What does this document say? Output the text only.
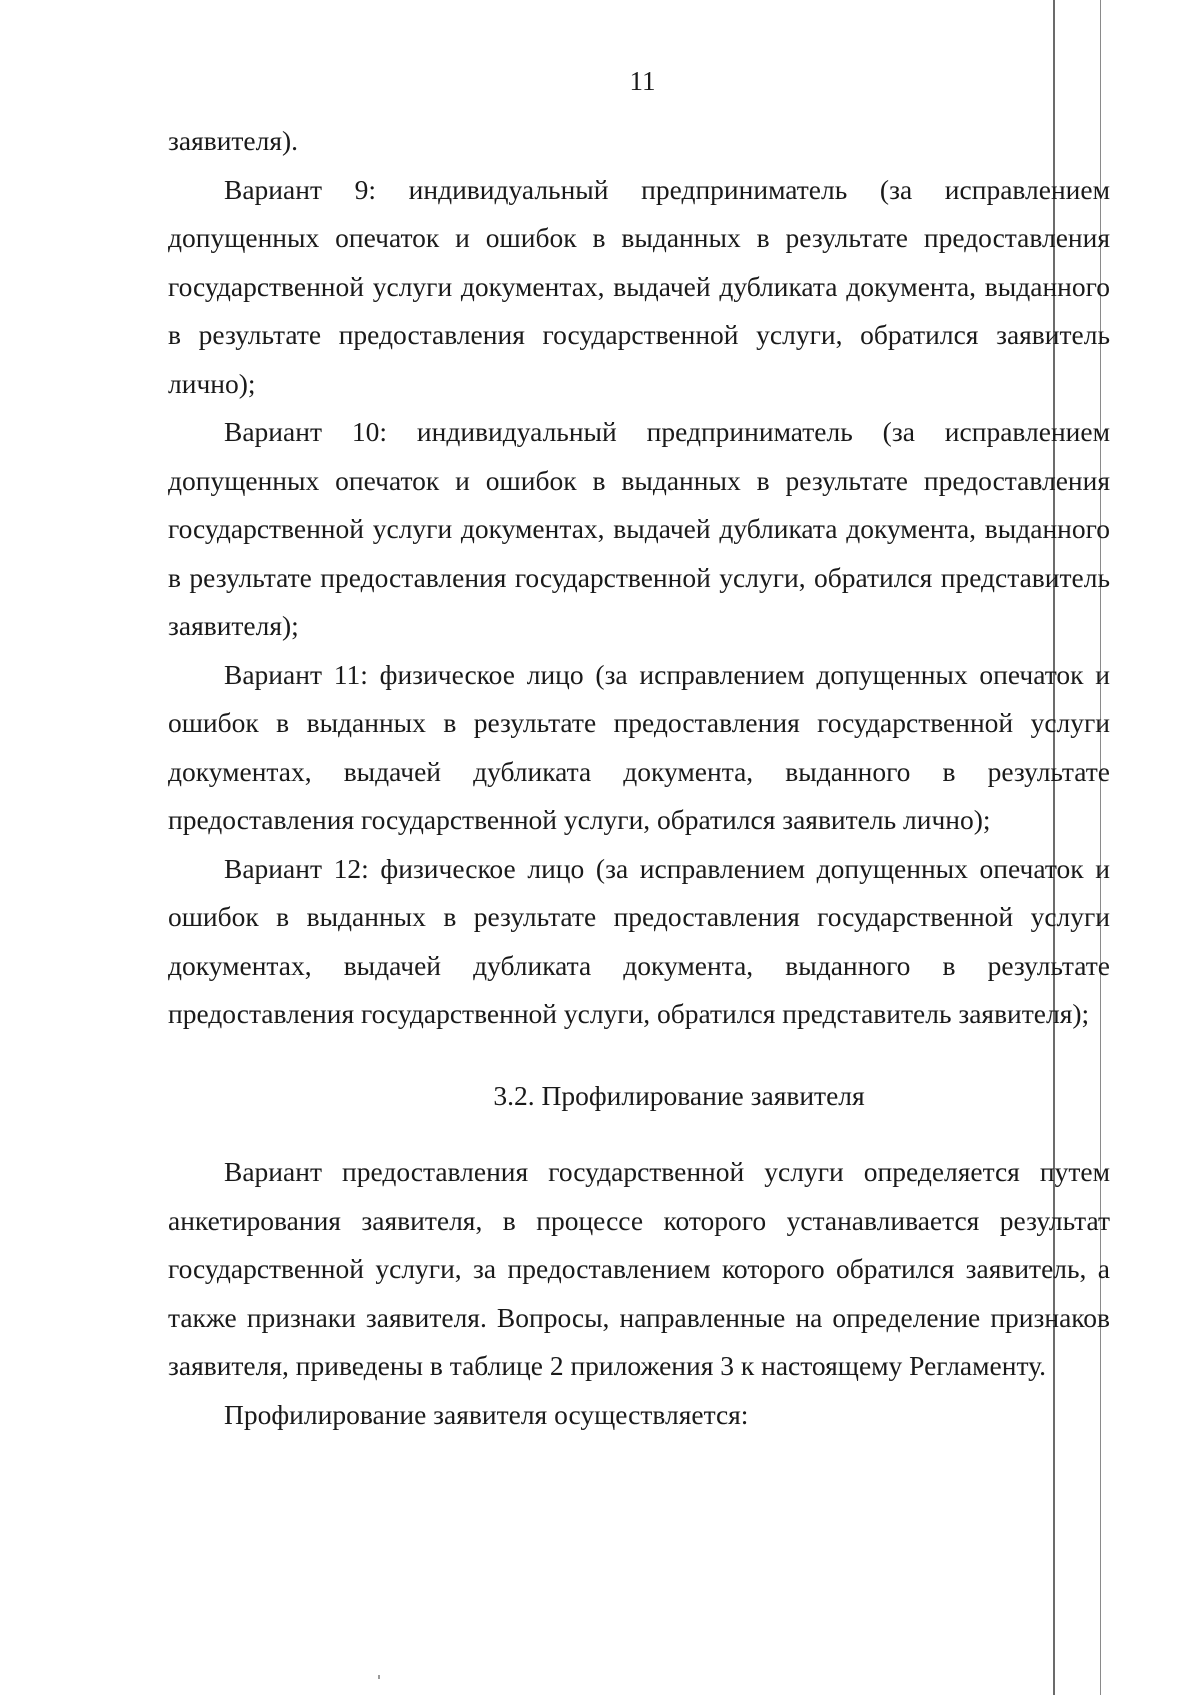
11

заявителя).

Вариант 9: индивидуальный предприниматель (за исправлением допущенных опечаток и ошибок в выданных в результате предоставления государственной услуги документах, выдачей дубликата документа, выданного в результате предоставления государственной услуги, обратился заявитель лично);

Вариант 10: индивидуальный предприниматель (за исправлением допущенных опечаток и ошибок в выданных в результате предоставления государственной услуги документах, выдачей дубликата документа, выданного в результате предоставления государственной услуги, обратился представитель заявителя);

Вариант 11: физическое лицо (за исправлением допущенных опечаток и ошибок в выданных в результате предоставления государственной услуги документах, выдачей дубликата документа, выданного в результате предоставления государственной услуги, обратился заявитель лично);

Вариант 12: физическое лицо (за исправлением допущенных опечаток и ошибок в выданных в результате предоставления государственной услуги документах, выдачей дубликата документа, выданного в результате предоставления государственной услуги, обратился представитель заявителя);

3.2. Профилирование заявителя

Вариант предоставления государственной услуги определяется путем анкетирования заявителя, в процессе которого устанавливается результат государственной услуги, за предоставлением которого обратился заявитель, а также признаки заявителя. Вопросы, направленные на определение признаков заявителя, приведены в таблице 2 приложения 3 к настоящему Регламенту.

Профилирование заявителя осуществляется:
